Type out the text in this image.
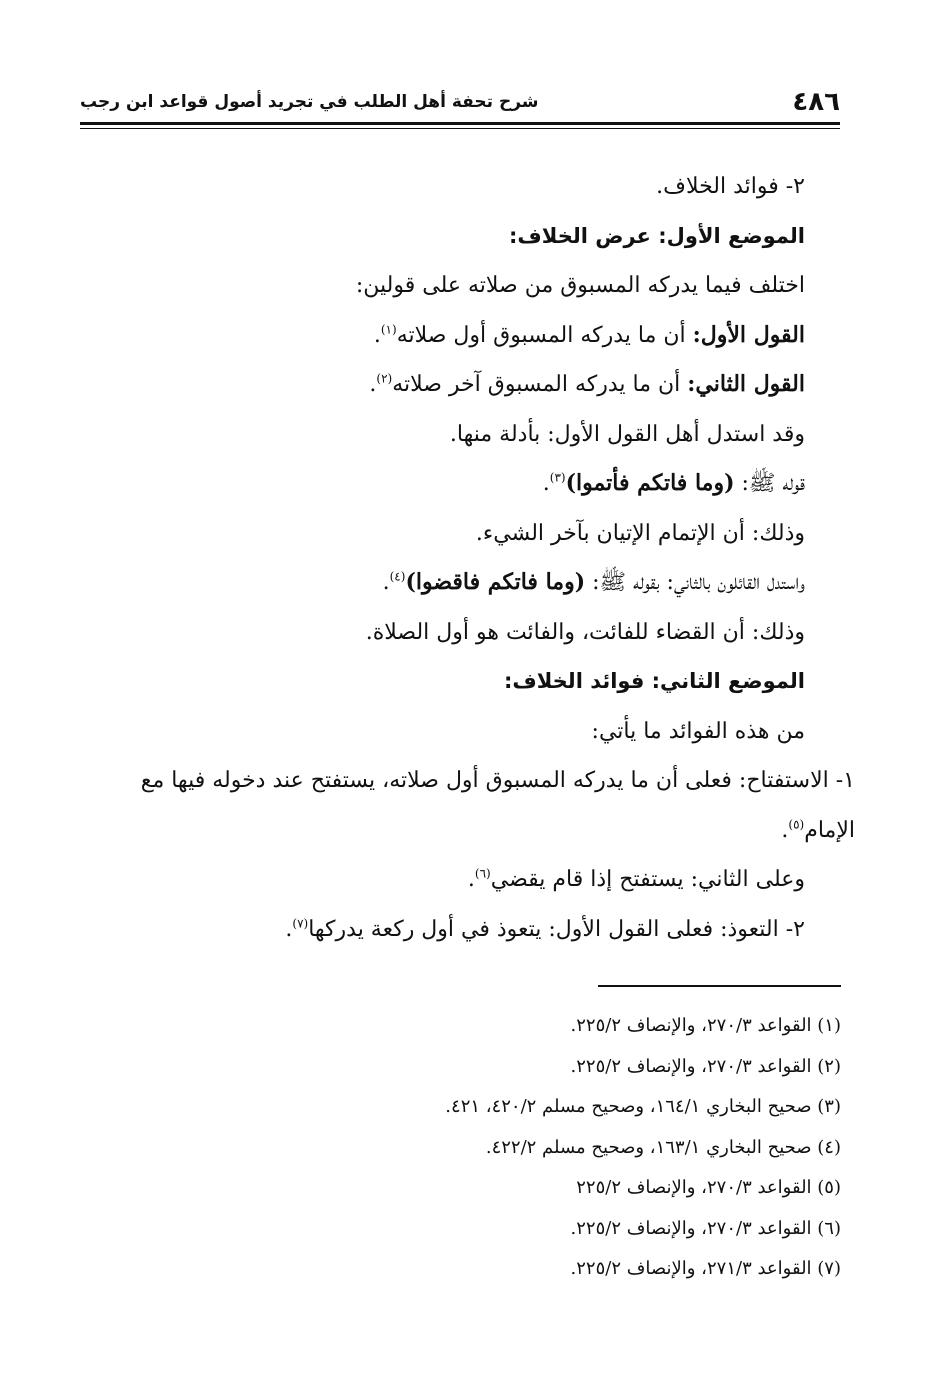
٤٨٦
شرح تحفة أهل الطلب في تجريد أصول قواعد ابن رجب

٢- فوائد الخلاف.

الموضع الأول: عرض الخلاف:

اختلف فيما يدركه المسبوق من صلاته على قولين:

القول الأول: أن ما يدركه المسبوق أول صلاته$^{(١)}$.

القول الثاني: أن ما يدركه المسبوق آخر صلاته$^{(٢)}$.

وقد استدل أهل القول الأول: بأدلة منها.

قوله ﷺ: (وما فاتكم فأتموا)$^{(٣)}$.

وذلك: أن الإتمام الإتيان بآخر الشيء.

واستدل القائلون بالثاني: بقوله ﷺ: (وما فاتكم فاقضوا)$^{(٤)}$.

وذلك: أن القضاء للفائت، والفائت هو أول الصلاة.

الموضع الثاني: فوائد الخلاف:

من هذه الفوائد ما يأتي:

١- الاستفتاح: فعلى أن ما يدركه المسبوق أول صلاته، يستفتح عند دخوله فيها مع الإمام$^{(٥)}$.

وعلى الثاني: يستفتح إذا قام يقضي$^{(٦)}$.

٢- التعوذ: فعلى القول الأول: يتعوذ في أول ركعة يدركها$^{(٧)}$.

(١) القواعد ٢٧٠/٣، والإنصاف ٢٢٥/٢.

(٢) القواعد ٢٧٠/٣، والإنصاف ٢٢٥/٢.

(٣) صحيح البخاري ١٦٤/١، وصحيح مسلم ٤٢٠/٢، ٤٢١.

(٤) صحيح البخاري ١٦٣/١، وصحيح مسلم ٤٢٢/٢.

(٥) القواعد ٢٧٠/٣، والإنصاف ٢٢٥/٢

(٦) القواعد ٢٧٠/٣، والإنصاف ٢٢٥/٢.

(٧) القواعد ٢٧١/٣، والإنصاف ٢٢٥/٢.
